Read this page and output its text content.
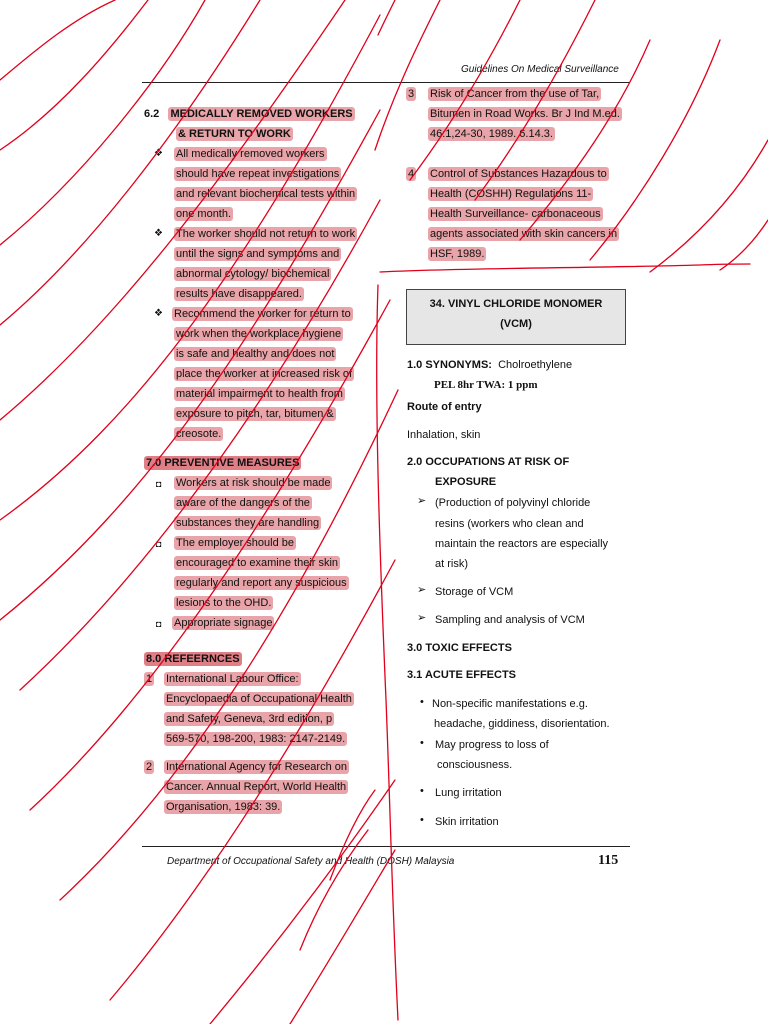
Guidelines On Medical Surveillance
6.2 MEDICALLY REMOVED WORKERS
& RETURN TO WORK
❖ All medically removed workers
should have repeat investigations
and relevant biochemical tests within
one month.
❖ The worker should not return to work
until the signs and symptoms and
abnormal cytology/ biochemical
results have disappeared.
❖ Recommend the worker for return to
work when the workplace hygiene
is safe and healthy and does not
place the worker at increased risk of
material impairment to health from
exposure to pitch, tar, bitumen &
creosote.
7.0 PREVENTIVE MEASURES
◘ Workers at risk should be made
aware of the dangers of the
substances they are handling
◘ The employer should be
encouraged to examine their skin
regularly and report any suspicious
lesions to the OHD.
◘ Appropriate signage
8.0 REFEERNCES
1 International Labour Office:
Encyclopaedia of Occupational Health
and Safety, Geneva, 3rd edition, p
569-570, 198-200, 1983: 2147-2149.
2 International Agency for Research on
Cancer. Annual Report, World Health
Organisation, 1983: 39.
3 Risk of Cancer from the use of Tar,
Bitumen in Road Works. Br J Ind M.ed.
46:1,24-30, 1989. 6.14.3.
4 Control of Substances Hazardous to
Health (COSHH) Regulations 11-
Health Surveillance- carbonaceous
agents associated with skin cancers in
HSF, 1989.
34. VINYL CHLORIDE MONOMER
(VCM)
1.0 SYNONYMS: Cholroethylene
PEL 8hr TWA: 1 ppm
Route of entry
Inhalation, skin
2.0 OCCUPATIONS AT RISK OF
EXPOSURE
➢ (Production of polyvinyl chloride
resins (workers who clean and
maintain the reactors are especially
at risk)
➢ Storage of VCM
➢ Sampling and analysis of VCM
3.0 TOXIC EFFECTS
3.1 ACUTE EFFECTS
• Non-specific manifestations e.g.
headache, giddiness, disorientation.
• May progress to loss of
consciousness.
• Lung irritation
• Skin irritation
Department of Occupational Safety and Health (DOSH) Malaysia	115
